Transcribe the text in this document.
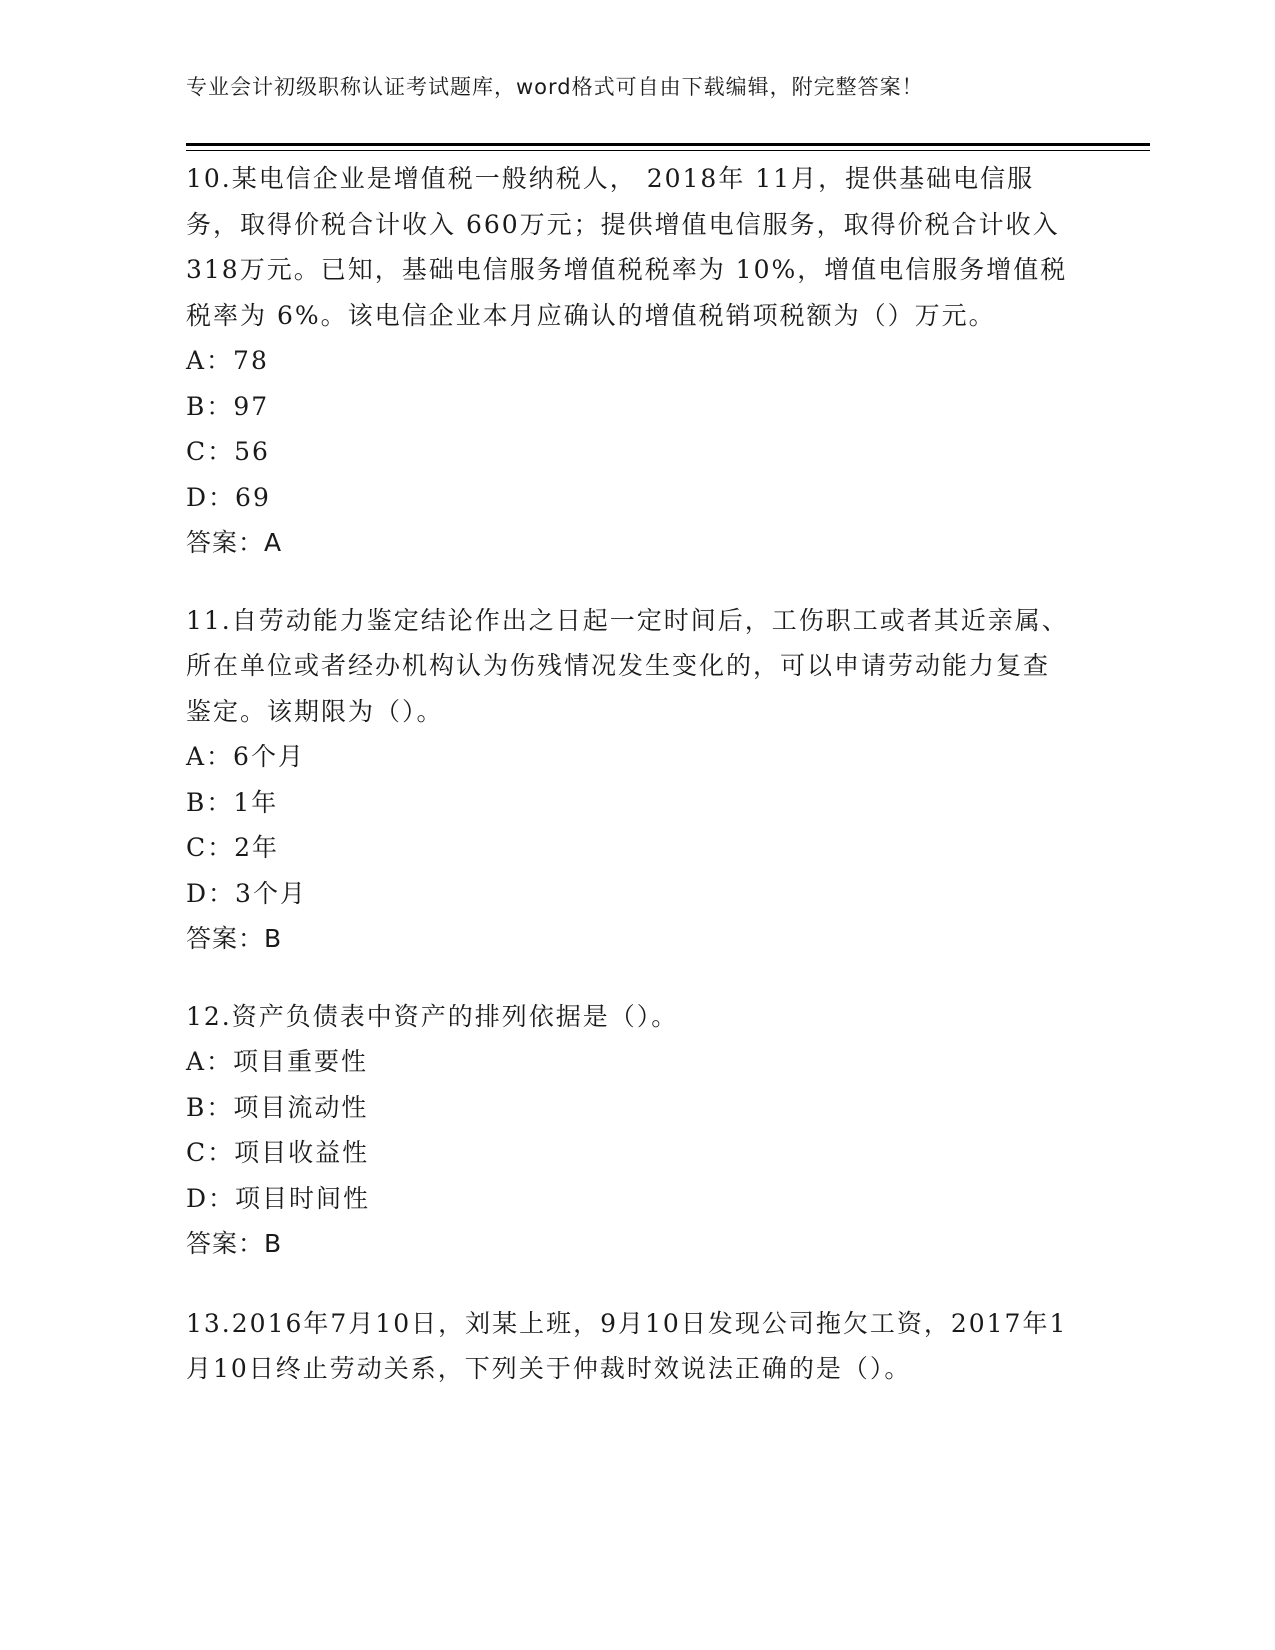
专业会计初级职称认证考试题库，word格式可自由下载编辑，附完整答案！

10.某电信企业是增值税一般纳税人， 2018年 11月，提供基础电信服务，取得价税合计收入 660万元；提供增值电信服务，取得价税合计收入 318万元。已知，基础电信服务增值税税率为 10%，增值电信服务增值税税率为 6%。该电信企业本月应确认的增值税销项税额为（）万元。

A：78

B：97

C：56

D：69

答案：A

11.自劳动能力鉴定结论作出之日起一定时间后，工伤职工或者其近亲属、所在单位或者经办机构认为伤残情况发生变化的，可以申请劳动能力复查鉴定。该期限为（）。

A：6个月

B：1年

C：2年

D：3个月

答案：B

12.资产负债表中资产的排列依据是（）。

A：项目重要性

B：项目流动性

C：项目收益性

D：项目时间性

答案：B

13.2016年7月10日，刘某上班，9月10日发现公司拖欠工资，2017年1月10日终止劳动关系，下列关于仲裁时效说法正确的是（）。
